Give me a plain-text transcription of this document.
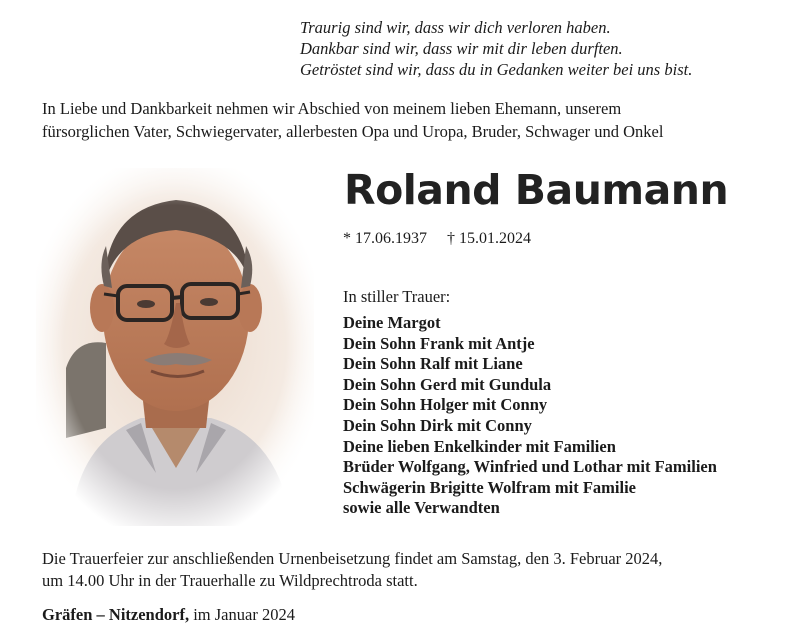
Traurig sind wir, dass wir dich verloren haben.
Dankbar sind wir, dass wir mit dir leben durften.
Getröstet sind wir, dass du in Gedanken weiter bei uns bist.
In Liebe und Dankbarkeit nehmen wir Abschied von meinem lieben Ehemann, unserem
fürsorglichen Vater, Schwiegervater, allerbesten Opa und Uropa, Bruder, Schwager und Onkel
Roland Baumann
* 17.06.1937 † 15.01.2024
In stiller Trauer:
Deine Margot
Dein Sohn Frank mit Antje
Dein Sohn Ralf mit Liane
Dein Sohn Gerd mit Gundula
Dein Sohn Holger mit Conny
Dein Sohn Dirk mit Conny
Deine lieben Enkelkinder mit Familien
Brüder Wolfgang, Winfried und Lothar mit Familien
Schwägerin Brigitte Wolfram mit Familie
sowie alle Verwandten
Die Trauerfeier zur anschließenden Urnenbeisetzung findet am Samstag, den 3. Februar 2024,
um 14.00 Uhr in der Trauerhalle zu Wildprechtroda statt.
Gräfen – Nitzendorf, im Januar 2024
